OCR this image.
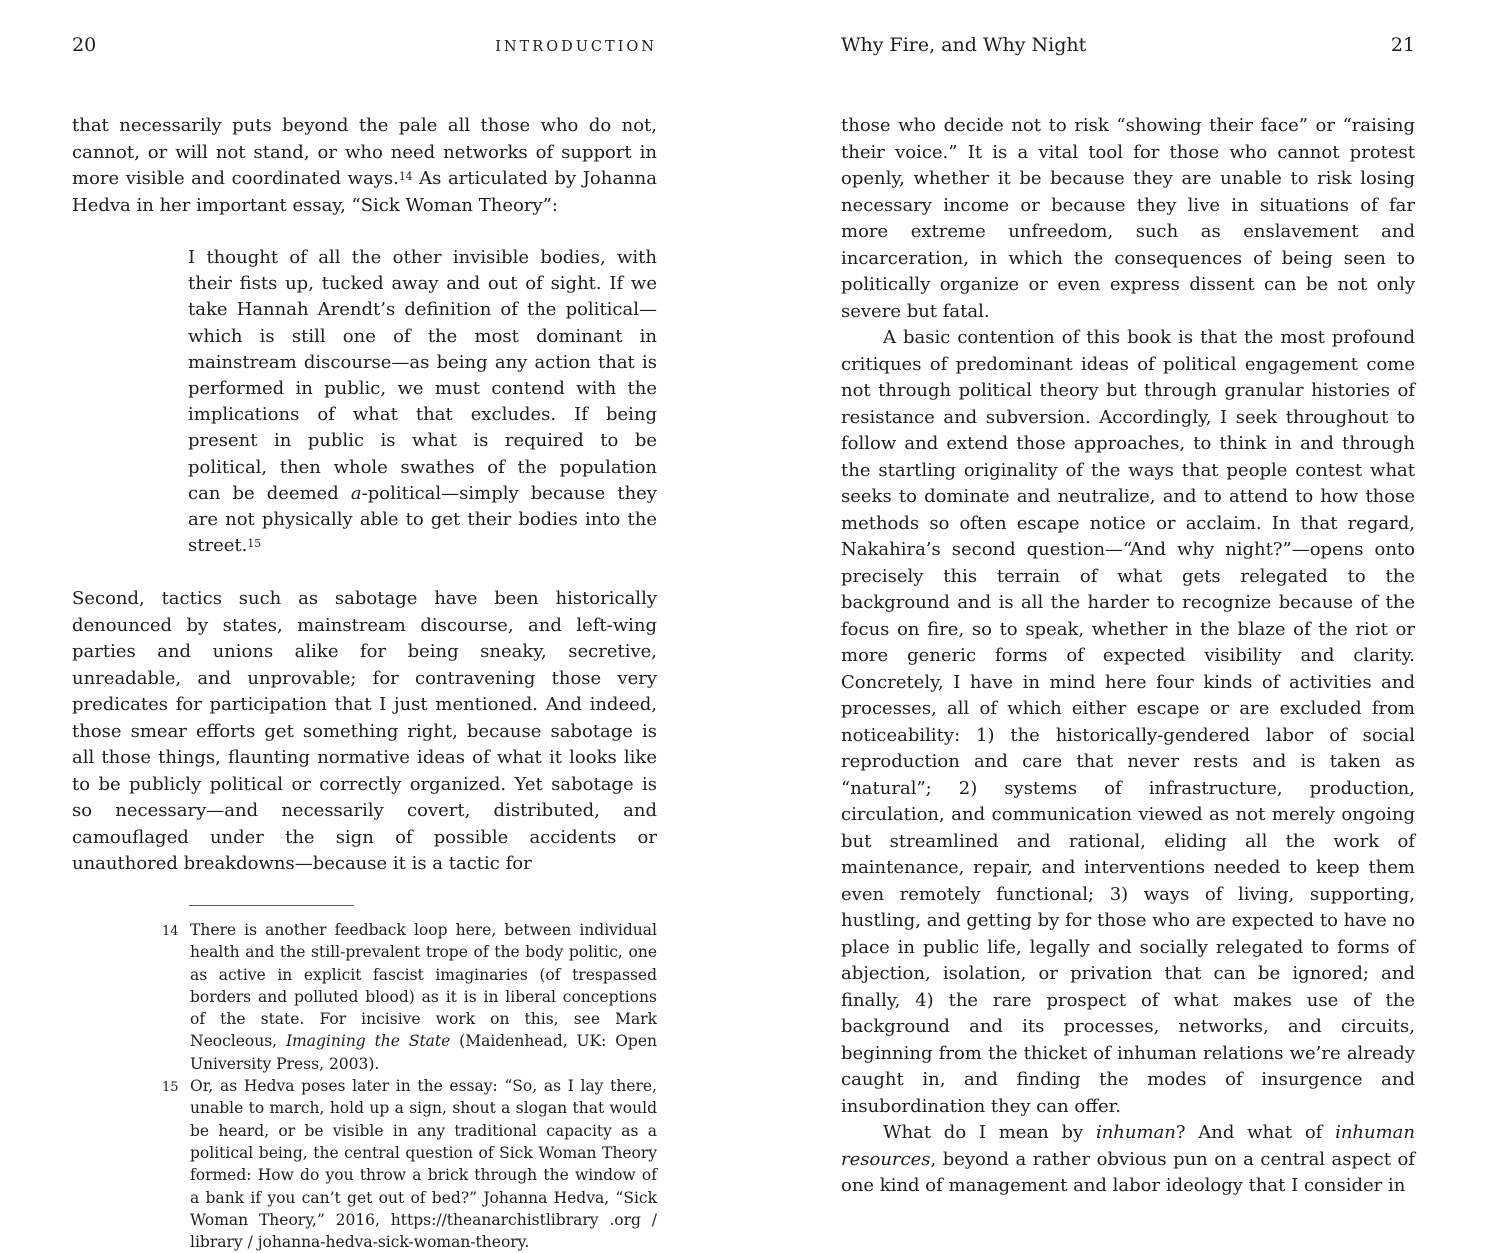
20	INTRODUCTION

that necessarily puts beyond the pale all those who do not, cannot, or will not stand, or who need networks of support in more visible and coordinated ways.$^{14}$ As articulated by Johanna Hedva in her important essay, “Sick Woman Theory”:

I thought of all the other invisible bodies, with their fists up, tucked away and out of sight. If we take Hannah Arendt’s definition of the political—which is still one of the most dominant in mainstream discourse—as being any action that is performed in public, we must contend with the implications of what that excludes. If being present in public is what is required to be political, then whole swathes of the population can be deemed a-political—simply because they are not physically able to get their bodies into the street.$^{15}$

Second, tactics such as sabotage have been historically denounced by states, mainstream discourse, and left-wing parties and unions alike for being sneaky, secretive, unreadable, and unprovable; for contravening those very predicates for participation that I just mentioned. And indeed, those smear efforts get something right, because sabotage is all those things, flaunting normative ideas of what it looks like to be publicly political or correctly organized. Yet sabotage is so necessary—and necessarily covert, distributed, and camouflaged under the sign of possible accidents or unauthored breakdowns—because it is a tactic for

14 There is another feedback loop here, between individual health and the still-prevalent trope of the body politic, one as active in explicit fascist imaginaries (of trespassed borders and polluted blood) as it is in liberal conceptions of the state. For incisive work on this, see Mark Neocleous, Imagining the State (Maidenhead, UK: Open University Press, 2003).
15 Or, as Hedva poses later in the essay: “So, as I lay there, unable to march, hold up a sign, shout a slogan that would be heard, or be visible in any traditional capacity as a political being, the central question of Sick Woman Theory formed: How do you throw a brick through the window of a bank if you can’t get out of bed?” Johanna Hedva, “Sick Woman Theory,” 2016, https://theanarchistlibrary .org / library / johanna-hedva-sick-woman-theory.
Why Fire, and Why Night	21

those who decide not to risk “showing their face” or “raising their voice.” It is a vital tool for those who cannot protest openly, whether it be because they are unable to risk losing necessary income or because they live in situations of far more extreme unfreedom, such as enslavement and incarceration, in which the consequences of being seen to politically organize or even express dissent can be not only severe but fatal.

A basic contention of this book is that the most profound critiques of predominant ideas of political engagement come not through political theory but through granular histories of resistance and subversion. Accordingly, I seek throughout to follow and extend those approaches, to think in and through the startling originality of the ways that people contest what seeks to dominate and neutralize, and to attend to how those methods so often escape notice or acclaim. In that regard, Nakahira’s second question—“And why night?”—opens onto precisely this terrain of what gets relegated to the background and is all the harder to recognize because of the focus on fire, so to speak, whether in the blaze of the riot or more generic forms of expected visibility and clarity. Concretely, I have in mind here four kinds of activities and processes, all of which either escape or are excluded from noticeability: 1) the historically-gendered labor of social reproduction and care that never rests and is taken as “natural”; 2) systems of infrastructure, production, circulation, and communication viewed as not merely ongoing but streamlined and rational, eliding all the work of maintenance, repair, and interventions needed to keep them even remotely functional; 3) ways of living, supporting, hustling, and getting by for those who are expected to have no place in public life, legally and socially relegated to forms of abjection, isolation, or privation that can be ignored; and finally, 4) the rare prospect of what makes use of the background and its processes, networks, and circuits, beginning from the thicket of inhuman relations we’re already caught in, and finding the modes of insurgence and insubordination they can offer.

What do I mean by inhuman? And what of inhuman resources, beyond a rather obvious pun on a central aspect of one kind of management and labor ideology that I consider in
